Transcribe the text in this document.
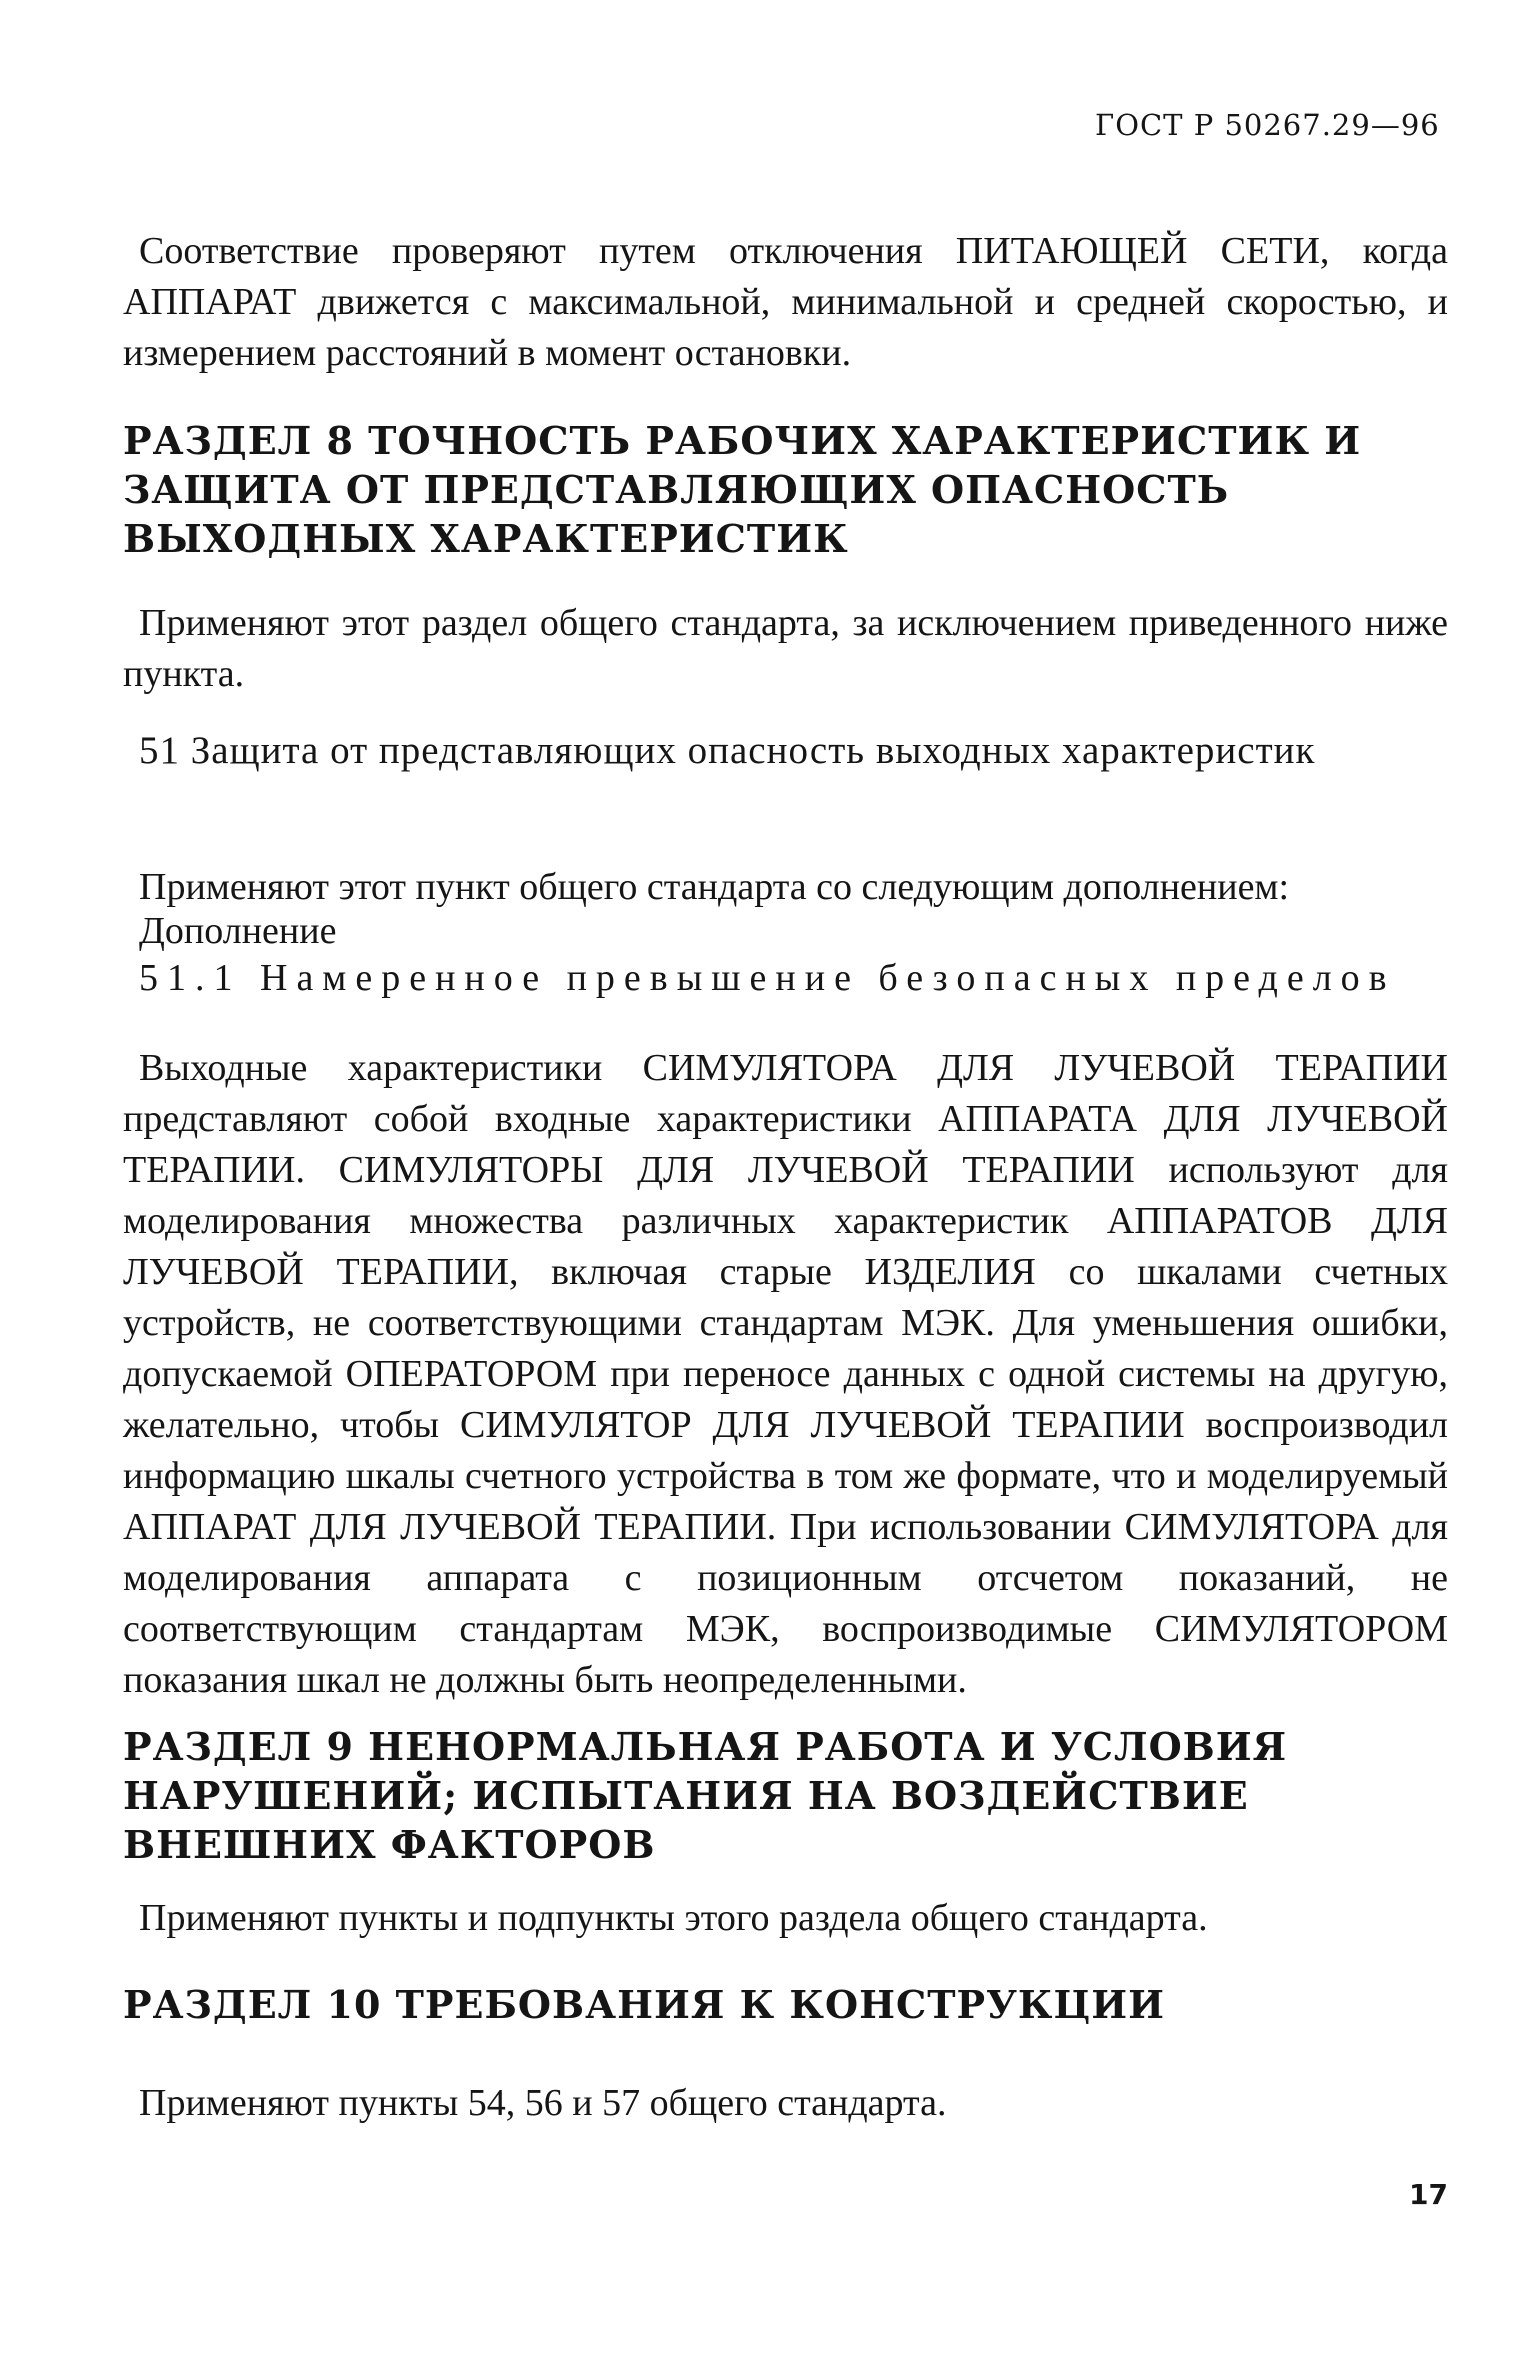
ГОСТ Р 50267.29—96

Соответствие проверяют путем отключения ПИТАЮЩЕЙ СЕТИ, когда АППАРАТ движется с максимальной, минимальной и средней скоростью, и измерением расстояний в момент остановки.

РАЗДЕЛ 8 ТОЧНОСТЬ РАБОЧИХ ХАРАКТЕРИСТИК И ЗАЩИТА ОТ ПРЕДСТАВЛЯЮЩИХ ОПАСНОСТЬ ВЫХОДНЫХ ХАРАКТЕРИСТИК

Применяют этот раздел общего стандарта, за исключением приведенного ниже пункта.

51 Защита от представляющих опасность выходных характеристик

Применяют этот пункт общего стандарта со следующим дополнением:

Дополнение

51.1 Намеренное превышение безопасных пределов

Выходные характеристики СИМУЛЯТОРА ДЛЯ ЛУЧЕВОЙ ТЕРАПИИ представляют собой входные характеристики АППАРАТА ДЛЯ ЛУЧЕВОЙ ТЕРАПИИ. СИМУЛЯТОРЫ ДЛЯ ЛУЧЕВОЙ ТЕРАПИИ используют для моделирования множества различных характеристик АППАРАТОВ ДЛЯ ЛУЧЕВОЙ ТЕРАПИИ, включая старые ИЗДЕЛИЯ со шкалами счетных устройств, не соответствующими стандартам МЭК. Для уменьшения ошибки, допускаемой ОПЕРАТОРОМ при переносе данных с одной системы на другую, желательно, чтобы СИМУЛЯТОР ДЛЯ ЛУЧЕВОЙ ТЕРАПИИ воспроизводил информацию шкалы счетного устройства в том же формате, что и моделируемый АППАРАТ ДЛЯ ЛУЧЕВОЙ ТЕРАПИИ. При использовании СИМУЛЯТОРА для моделирования аппарата с позиционным отсчетом показаний, не соответствующим стандартам МЭК, воспроизводимые СИМУЛЯТОРОМ показания шкал не должны быть неопределенными.

РАЗДЕЛ 9 НЕНОРМАЛЬНАЯ РАБОТА И УСЛОВИЯ НАРУШЕНИЙ; ИСПЫТАНИЯ НА ВОЗДЕЙСТВИЕ ВНЕШНИХ ФАКТОРОВ

Применяют пункты и подпункты этого раздела общего стандарта.

РАЗДЕЛ 10 ТРЕБОВАНИЯ К КОНСТРУКЦИИ

Применяют пункты 54, 56 и 57 общего стандарта.

17
